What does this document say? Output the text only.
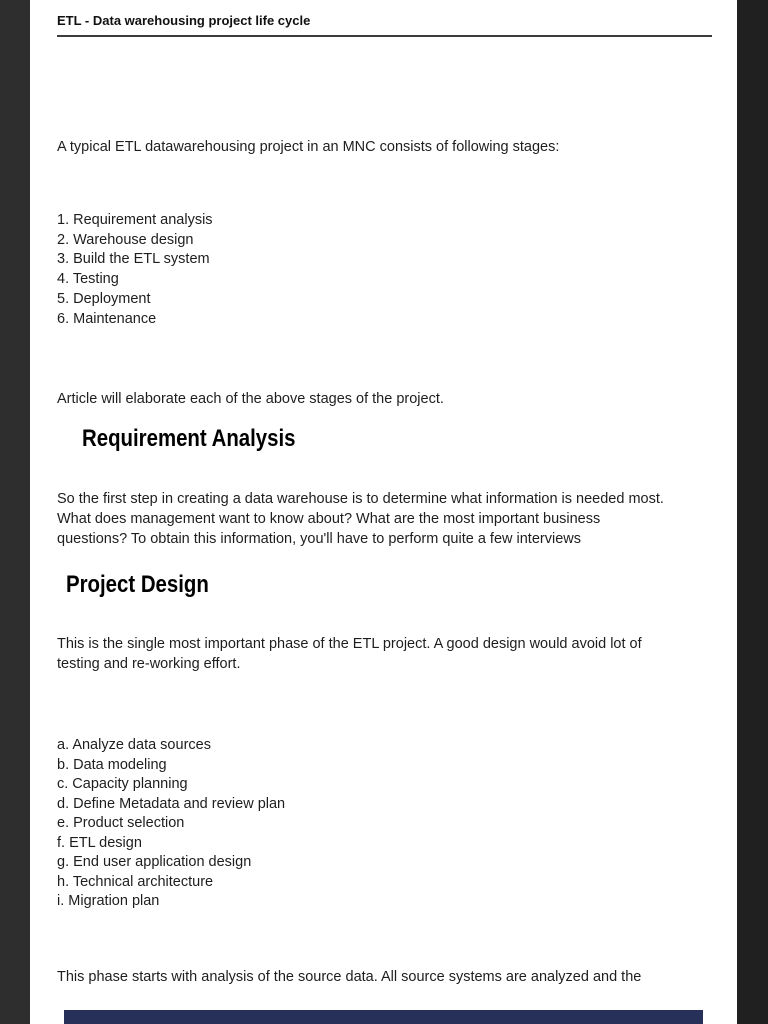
ETL - Data warehousing project life cycle
A typical ETL datawarehousing project in an MNC consists of following stages:
1. Requirement analysis
2. Warehouse design
3. Build the ETL system
4. Testing
5. Deployment
6. Maintenance
Article will elaborate each of the above stages of the project.
Requirement Analysis
So the first step in creating a data warehouse is to determine what information is needed most.
What does management want to know about? What are the most important business
questions? To obtain this information, you'll have to perform quite a few interviews
Project Design
This is the single most important phase of the ETL project. A good design would avoid lot of
testing and re-working effort.
a. Analyze data sources
b. Data modeling
c. Capacity planning
d. Define Metadata and review plan
e. Product selection
f. ETL design
g. End user application design
h. Technical architecture
i. Migration plan
This phase starts with analysis of the source data. All source systems are analyzed and the
